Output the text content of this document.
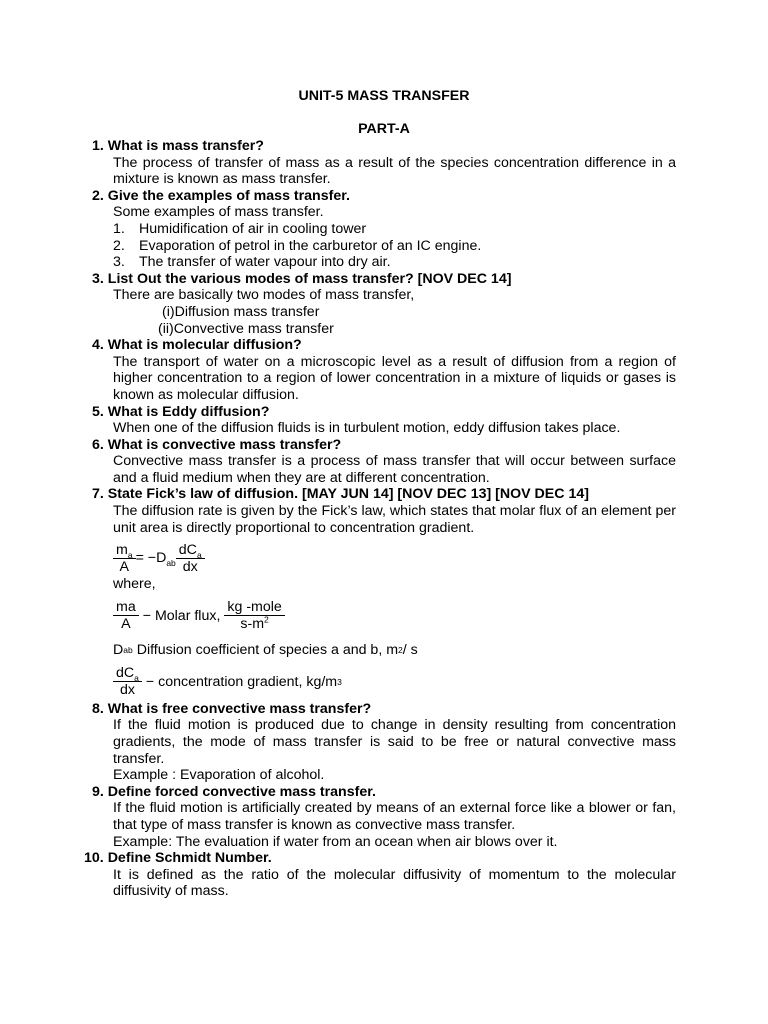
UNIT-5 MASS TRANSFER
PART-A

1. What is mass transfer?

The process of transfer of mass as a result of the species concentration difference in a mixture is known as mass transfer.

2. Give the examples of mass transfer.

Some examples of mass transfer.

1. Humidification of air in cooling tower

2. Evaporation of petrol in the carburetor of an IC engine.

3. The transfer of water vapour into dry air.

3. List Out the various modes of mass transfer? [NOV DEC 14]

There are basically two modes of mass transfer,

(i)Diffusion mass transfer

(ii)Convective mass transfer

4. What is molecular diffusion?

The transport of water on a microscopic level as a result of diffusion from a region of higher concentration to a region of lower concentration in a mixture of liquids or gases is known as molecular diffusion.

5. What is Eddy diffusion?

When one of the diffusion fluids is in turbulent motion, eddy diffusion takes place.

6. What is convective mass transfer?

Convective mass transfer is a process of mass transfer that will occur between surface and a fluid medium when they are at different concentration.

7. State Fick’s law of diffusion. [MAY JUN 14] [NOV DEC 13] [NOV DEC 14]

The diffusion rate is given by the Fick’s law, which states that molar flux of an element per unit area is directly proportional to concentration gradient.

$\frac{m_a}{A} = -D_{ab} \frac{dC_a}{dx}$

where,

$\frac{ma}{A}$ − Molar flux, $\frac{\text{kg -mole}}{s-m^2}$
D ab Diffusion coefficient of species a and b, m 2 / s
$\frac{dC_a}{dx}$ − concentration gradient, kg/m 3

8. What is free convective mass transfer?

If the fluid motion is produced due to change in density resulting from concentration gradients, the mode of mass transfer is said to be free or natural convective mass transfer.

Example : Evaporation of alcohol.

9. Define forced convective mass transfer.

If the fluid motion is artificially created by means of an external force like a blower or fan, that type of mass transfer is known as convective mass transfer.

Example: The evaluation if water from an ocean when air blows over it.

10. Define Schmidt Number.

It is defined as the ratio of the molecular diffusivity of momentum to the molecular diffusivity of mass.
